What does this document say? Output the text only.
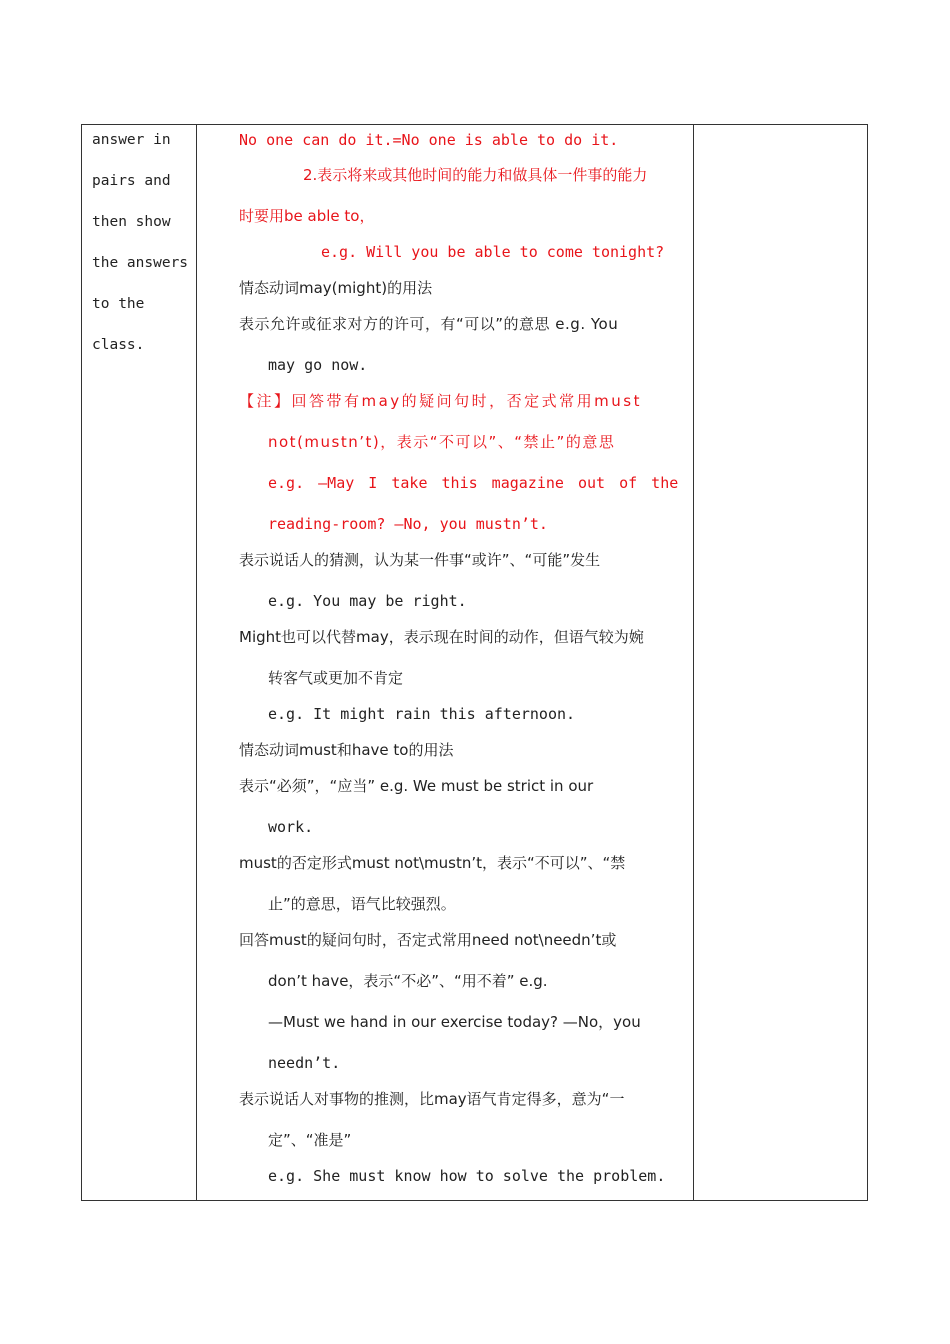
answer in
pairs and
then show
the answers
to the
class.
No one can do it.=No one is able to do it.
2.表示将来或其他时间的能力和做具体一件事的能力
时要用be able to，
e.g. Will you be able to come tonight?
情态动词may(might)的用法
表示允许或征求对方的许可，有“可以”的意思 e.g. You
may go now.
【注】回答带有may的疑问句时，否定式常用must
not(mustn’t)，表示“不可以”、“禁止”的意思
e.g. —May I take this magazine out of the
reading-room? —No, you mustn’t.
表示说话人的猜测，认为某一件事“或许”、“可能”发生
e.g. You may be right.
Might也可以代替may，表示现在时间的动作，但语气较为婉
转客气或更加不肯定
e.g. It might rain this afternoon.
情态动词must和have to的用法
表示“必须”，“应当” e.g. We must be strict in our
work.
must的否定形式must not\mustn’t，表示“不可以”、“禁
止”的意思，语气比较强烈。
回答must的疑问句时，否定式常用need not\needn’t或
don’t have，表示“不必”、“用不着” e.g.
—Must we hand in our exercise today? —No，you
needn’t.
表示说话人对事物的推测，比may语气肯定得多，意为“一
定”、“准是”
e.g. She must know how to solve the problem.
